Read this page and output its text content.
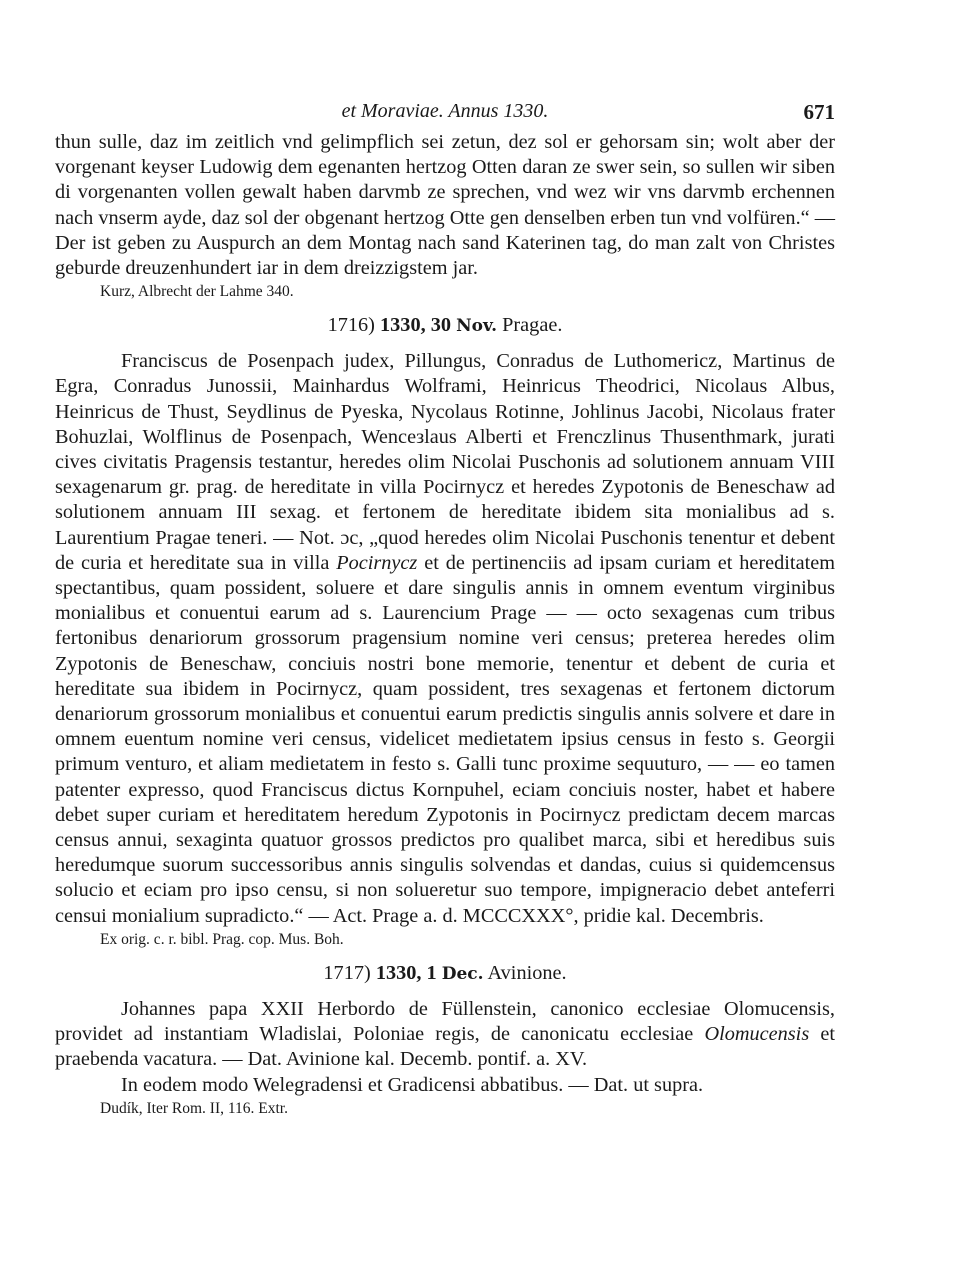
et Moraviae. Annus 1330.	671

thun sulle, daz im zeitlich vnd gelimpflich sei zetun, dez sol er gehorsam sin; wolt aber der vorgenant keyser Ludowig dem egenanten hertzog Otten daran ze swer sein, so sullen wir siben di vorgenanten vollen gewalt haben darvmb ze sprechen, vnd wez wir vns darvmb erchennen nach vnserm ayde, daz sol der obgenant hertzog Otte gen denselben erben tun vnd volfüren.“ — Der ist geben zu Auspurch an dem Montag nach sand Katerinen tag, do man zalt von Christes geburde dreuzenhundert iar in dem dreizzigstem jar.

Kurz, Albrecht der Lahme 340.
1716) 1330, 30 Nov. Pragae.

Franciscus de Posenpach judex, Pillungus, Conradus de Luthomericz, Martinus de Egra, Conradus Junossii, Mainhardus Wolframi, Heinricus Theodrici, Nicolaus Albus, Heinricus de Thust, Seydlinus de Pyeska, Nycolaus Rotinne, Johlinus Jacobi, Nicolaus frater Bohuzlai, Wolflinus de Posenpach, Wenceзlaus Alberti et Frenczlinus Thusenthmark, jurati cives civitatis Pragensis testantur, heredes olim Nicolai Puschonis ad solutionem annuam VIII sexagenarum gr. prag. de hereditate in villa Pocirnycz et heredes Zypotonis de Beneschaw ad solutionem annuam III sexag. et fertonem de hereditate ibidem sita monialibus ad s. Laurentium Pragae teneri. — Not. ɔc, „quod heredes olim Nicolai Puschonis tenentur et debent de curia et hereditate sua in villa Pocirnycz et de pertinenciis ad ipsam curiam et hereditatem spectantibus, quam possident, soluere et dare singulis annis in omnem eventum virginibus monialibus et conuentui earum ad s. Laurencium Prage — — octo sexagenas cum tribus fertonibus denariorum grossorum pragensium nomine veri census; preterea heredes olim Zypotonis de Beneschaw, conciuis nostri bone memorie, tenentur et debent de curia et hereditate sua ibidem in Pocirnycz, quam possident, tres sexagenas et fertonem dictorum denariorum grossorum monialibus et conuentui earum predictis singulis annis solvere et dare in omnem euentum nomine veri census, videlicet medietatem ipsius census in festo s. Georgii primum venturo, et aliam medietatem in festo s. Galli tunc proxime sequuturo, — — eo tamen patenter expresso, quod Franciscus dictus Kornpuhel, eciam conciuis noster, habet et habere debet super curiam et hereditatem heredum Zypotonis in Pocirnycz predictam decem marcas census annui, sexaginta quatuor grossos predictos pro qualibet marca, sibi et heredibus suis heredumque suorum successoribus annis singulis solvendas et dandas, cuius si quidemcensus solucio et eciam pro ipso censu, si non solueretur suo tempore, impigneracio debet anteferri censui monialium supradicto.“ — Act. Prage a. d. MCCCXXX°, pridie kal. Decembris.

Ex orig. c. r. bibl. Prag. cop. Mus. Boh.
1717) 1330, 1 Dec. Avinione.

Johannes papa XXII Herbordo de Füllenstein, canonico ecclesiae Olomucensis, providet ad instantiam Wladislai, Poloniae regis, de canonicatu ecclesiae Olomucensis et praebenda vacatura. — Dat. Avinione kal. Decemb. pontif. a. XV.

In eodem modo Welegradensi et Gradicensi abbatibus. — Dat. ut supra.

Dudík, Iter Rom. II, 116. Extr.
